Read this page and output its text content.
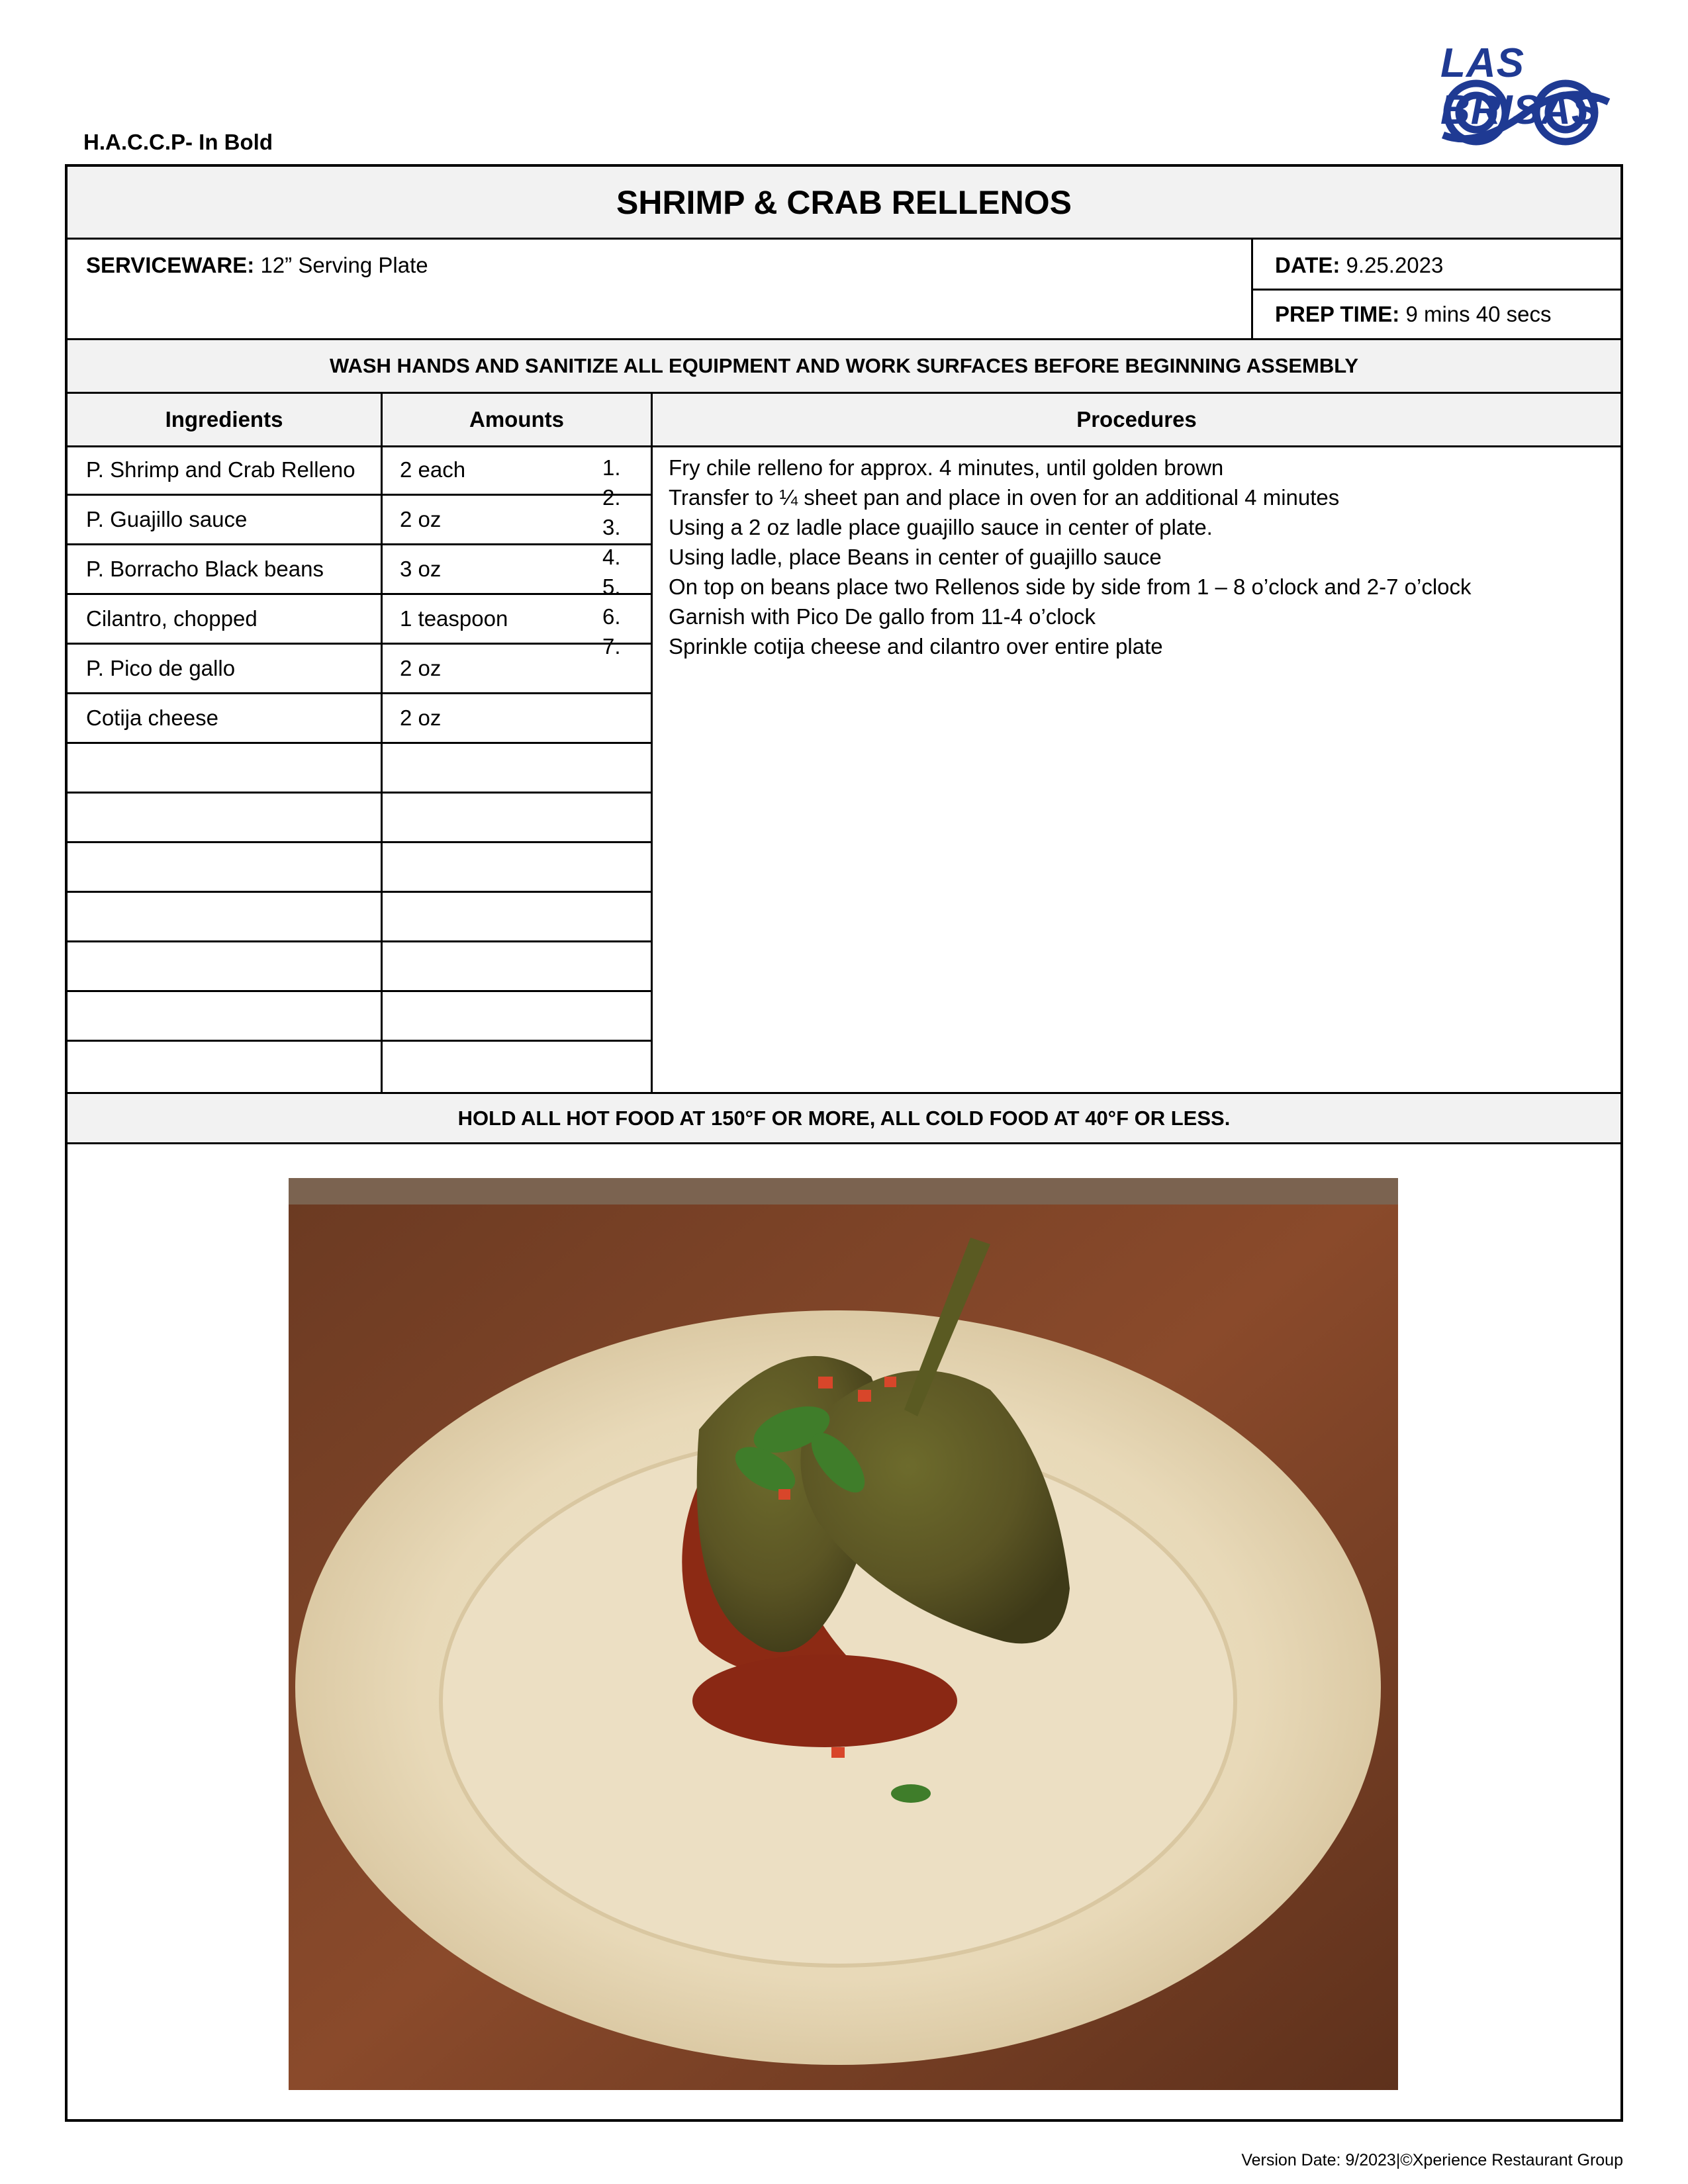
H.A.C.C.P- In Bold
LAS BRISAS
SHRIMP & CRAB RELLENOS
SERVICEWARE: 12” Serving Plate	DATE: 9.25.2023
PREP TIME: 9 mins 40 secs
WASH HANDS AND SANITIZE ALL EQUIPMENT AND WORK SURFACES BEFORE BEGINNING ASSEMBLY
Ingredients	Amounts	Procedures
P. Shrimp and Crab Relleno 2 each
P. Guajillo sauce	2 oz
P. Borracho Black beans	3 oz
Cilantro, chopped	1 teaspoon
P. Pico de gallo	2 oz
Cotija cheese	2 oz
HOLD ALL HOT FOOD AT 150°F OR MORE, ALL COLD FOOD AT 40°F OR LESS.
1. Fry chile relleno for approx. 4 minutes, until golden brown
2. Transfer to ¼ sheet pan and place in oven for an additional 4 minutes
3. Using a 2 oz ladle place guajillo sauce in center of plate.
4. Using ladle, place Beans in center of guajillo sauce
5. On top on beans place two Rellenos side by side from 1 – 8 o’clock and 2-7 o’clock
6. Garnish with Pico De gallo from 11-4 o’clock
7. Sprinkle cotija cheese and cilantro over entire plate
Version Date: 9/2023|©Xperience Restaurant Group
